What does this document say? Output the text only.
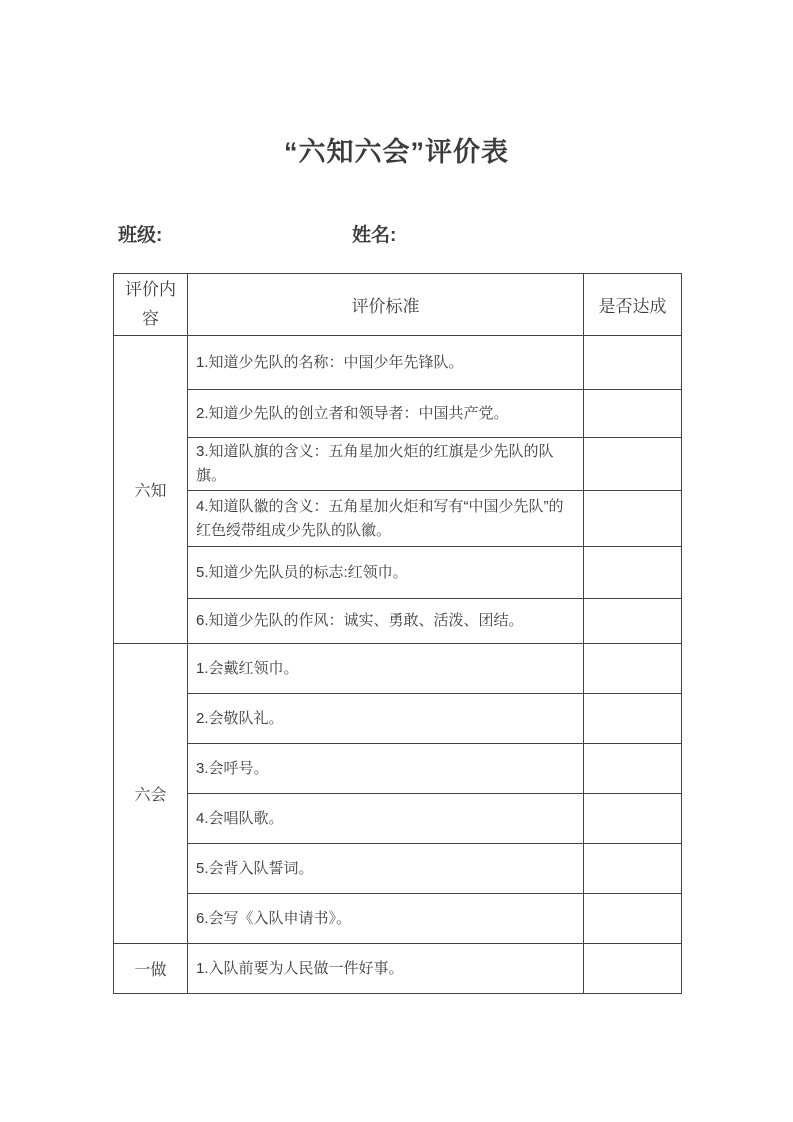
“六知六会”评价表
班级:	姓名:
评价内容	评价标准	是否达成
六知	1.知道少先队的名称：中国少年先锋队。	
	2.知道少先队的创立者和领导者：中国共产党。	
	3.知道队旗的含义：五角星加火炬的红旗是少先队的队旗。	
	4.知道队徽的含义：五角星加火炬和写有“中国少先队”的红色绶带组成少先队的队徽。	
	5.知道少先队员的标志:红领巾。	
	6.知道少先队的作风：诚实、勇敢、活泼、团结。	
六会	1.会戴红领巾。	
	2.会敬队礼。	
	3.会呼号。	
	4.会唱队歌。	
	5.会背入队誓词。	
	6.会写《入队申请书》。	
一做	1.入队前要为人民做一件好事。	
